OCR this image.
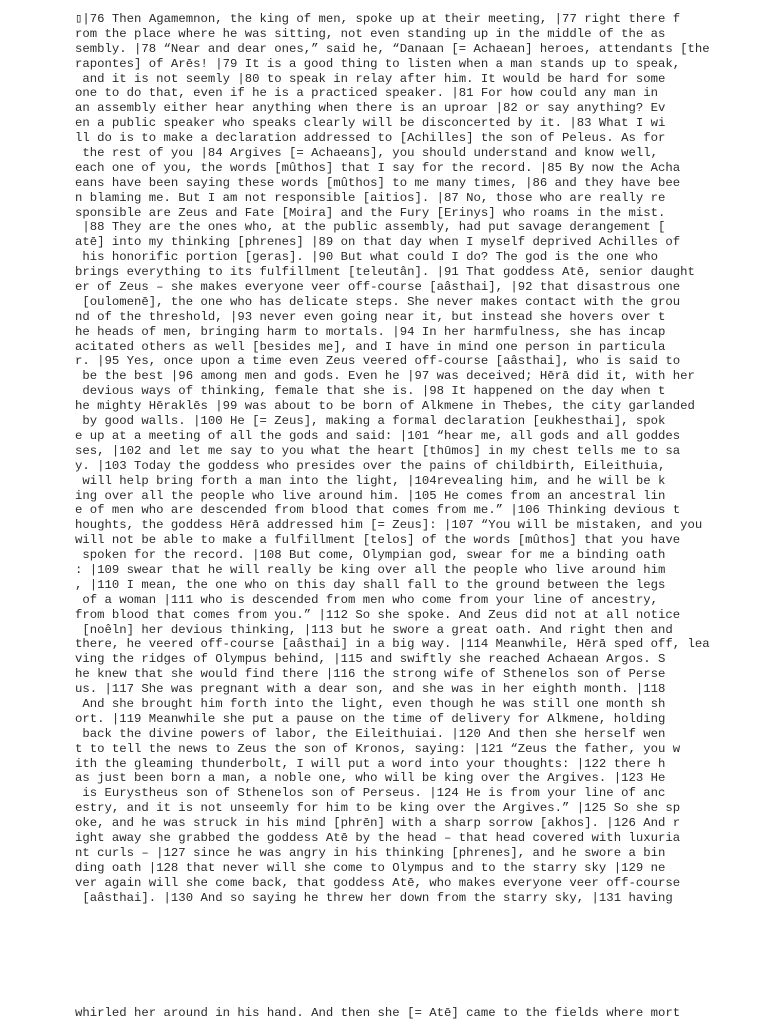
▯|76 Then Agamemnon, the king of men, spoke up at their meeting, |77 right there f
rom the place where he was sitting, not even standing up in the middle of the as
sembly. |78 “Near and dear ones,” said he, “Danaan [= Achaean] heroes, attendants [the
rapontes] of Arēs! |79 It is a good thing to listen when a man stands up to speak,
and it is not seemly |80 to speak in relay after him. It would be hard for some
one to do that, even if he is a practiced speaker. |81 For how could any man in
an assembly either hear anything when there is an uproar |82 or say anything? Ev
en a public speaker who speaks clearly will be disconcerted by it. |83 What I wi
ll do is to make a declaration addressed to [Achilles] the son of Peleus. As for
the rest of you |84 Argives [= Achaeans], you should understand and know well,
each one of you, the words [mûthos] that I say for the record. |85 By now the Acha
eans have been saying these words [mûthos] to me many times, |86 and they have bee
n blaming me. But I am not responsible [aitios]. |87 No, those who are really re
sponsible are Zeus and Fate [Moira] and the Fury [Erinys] who roams in the mist.
|88 They are the ones who, at the public assembly, had put savage derangement [
atē] into my thinking [phrenes] |89 on that day when I myself deprived Achilles of
his honorific portion [geras]. |90 But what could I do? The god is the one who
brings everything to its fulfillment [teleutân]. |91 That goddess Atē, senior daught
er of Zeus – she makes everyone veer off-course [aâsthai], |92 that disastrous one
[oulomenē], the one who has delicate steps. She never makes contact with the grou
nd of the threshold, |93 never even going near it, but instead she hovers over t
he heads of men, bringing harm to mortals. |94 In her harmfulness, she has incap
acitated others as well [besides me], and I have in mind one person in particula
r. |95 Yes, once upon a time even Zeus veered off-course [aâsthai], who is said to
be the best |96 among men and gods. Even he |97 was deceived; Hērā did it, with her
devious ways of thinking, female that she is. |98 It happened on the day when t
he mighty Hēraklēs |99 was about to be born of Alkmene in Thebes, the city garlanded
by good walls. |100 He [= Zeus], making a formal declaration [eukhesthai], spok
e up at a meeting of all the gods and said: |101 “hear me, all gods and all goddes
ses, |102 and let me say to you what the heart [thūmos] in my chest tells me to sa
y. |103 Today the goddess who presides over the pains of childbirth, Eileithuia,
will help bring forth a man into the light, |104revealing him, and he will be k
ing over all the people who live around him. |105 He comes from an ancestral lin
e of men who are descended from blood that comes from me.” |106 Thinking devious t
houghts, the goddess Hērā addressed him [= Zeus]: |107 “You will be mistaken, and you
will not be able to make a fulfillment [telos] of the words [mûthos] that you have
spoken for the record. |108 But come, Olympian god, swear for me a binding oath
: |109 swear that he will really be king over all the people who live around him
, |110 I mean, the one who on this day shall fall to the ground between the legs
of a woman |111 who is descended from men who come from your line of ancestry,
from blood that comes from you.” |112 So she spoke. And Zeus did not at all notice
[noêln] her devious thinking, |113 but he swore a great oath. And right then and
there, he veered off-course [aâsthai] in a big way. |114 Meanwhile, Hērā sped off, lea
ving the ridges of Olympus behind, |115 and swiftly she reached Achaean Argos. S
he knew that she would find there |116 the strong wife of Sthenelos son of Perse
us. |117 She was pregnant with a dear son, and she was in her eighth month. |118
And she brought him forth into the light, even though he was still one month sh
ort. |119 Meanwhile she put a pause on the time of delivery for Alkmene, holding
back the divine powers of labor, the Eileithuiai. |120 And then she herself wen
t to tell the news to Zeus the son of Kronos, saying: |121 “Zeus the father, you w
ith the gleaming thunderbolt, I will put a word into your thoughts: |122 there h
as just been born a man, a noble one, who will be king over the Argives. |123 He
is Eurystheus son of Sthenelos son of Perseus. |124 He is from your line of anc
estry, and it is not unseemly for him to be king over the Argives.” |125 So she sp
oke, and he was struck in his mind [phrēn] with a sharp sorrow [akhos]. |126 And r
ight away she grabbed the goddess Atē by the head – that head covered with luxuria
nt curls – |127 since he was angry in his thinking [phrenes], and he swore a bin
ding oath |128 that never will she come to Olympus and to the starry sky |129 ne
ver again will she come back, that goddess Atē, who makes everyone veer off-course
[aâsthai]. |130 And so saying he threw her down from the starry sky, |131 having
whirled her around in his hand. And then she [= Atē] came to the fields where mort
